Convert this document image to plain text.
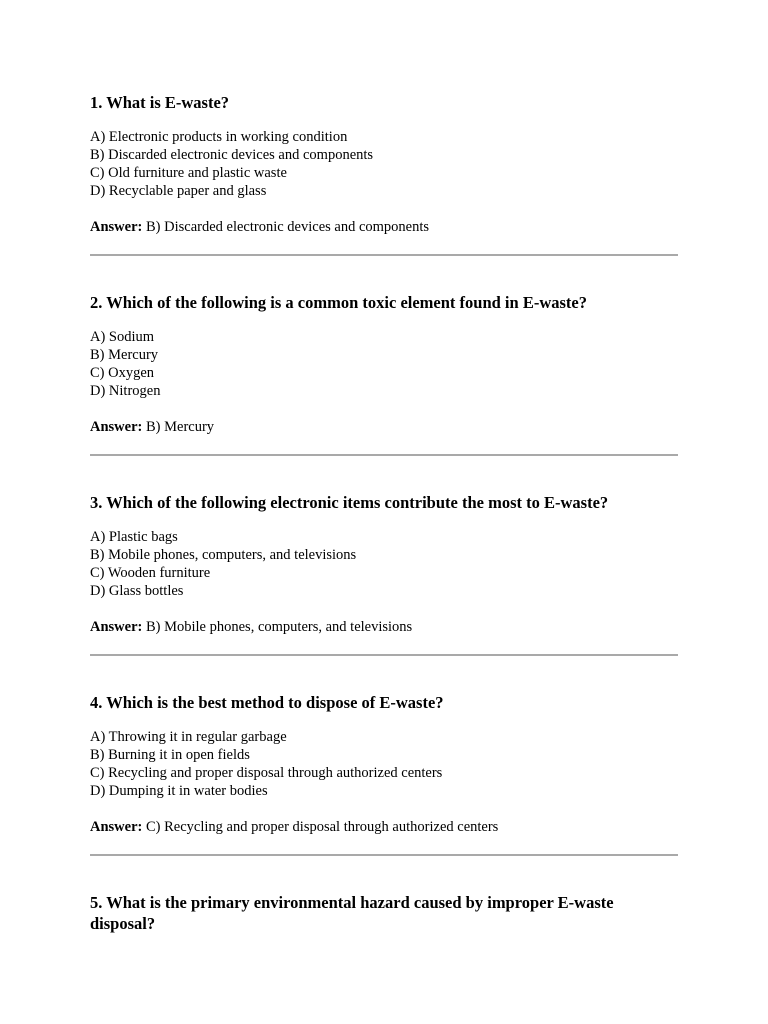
1. What is E-waste?
A) Electronic products in working condition
B) Discarded electronic devices and components
C) Old furniture and plastic waste
D) Recyclable paper and glass

Answer: B) Discarded electronic devices and components

2. Which of the following is a common toxic element found in E-waste?
A) Sodium
B) Mercury
C) Oxygen
D) Nitrogen

Answer: B) Mercury

3. Which of the following electronic items contribute the most to E-waste?
A) Plastic bags
B) Mobile phones, computers, and televisions
C) Wooden furniture
D) Glass bottles

Answer: B) Mobile phones, computers, and televisions

4. Which is the best method to dispose of E-waste?
A) Throwing it in regular garbage
B) Burning it in open fields
C) Recycling and proper disposal through authorized centers
D) Dumping it in water bodies

Answer: C) Recycling and proper disposal through authorized centers

5. What is the primary environmental hazard caused by improper E-waste disposal?
